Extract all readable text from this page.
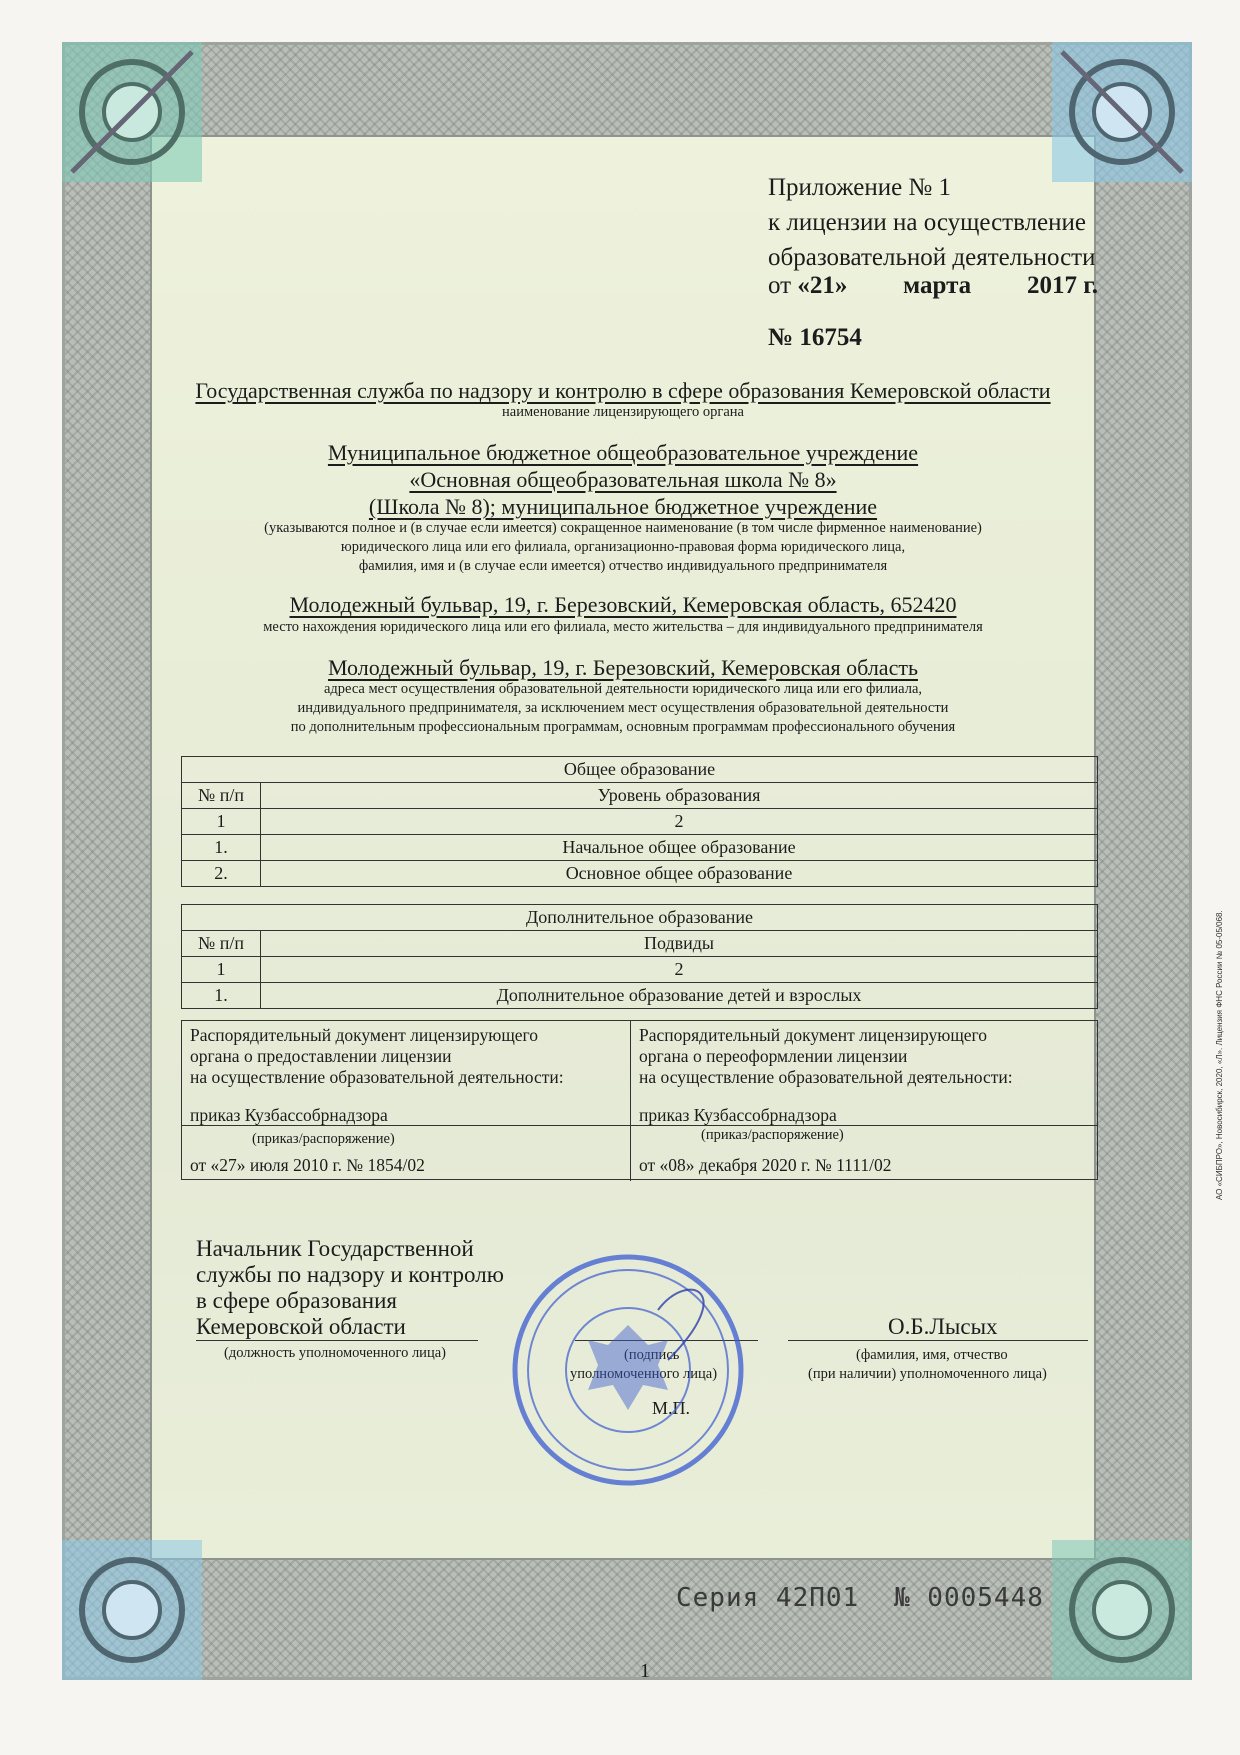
Приложение № 1
к лицензии на осуществление
образовательной деятельности
от «21» марта 2017 г.
№ 16754
Государственная служба по надзору и контролю в сфере образования Кемеровской области
наименование лицензирующего органа
Муниципальное бюджетное общеобразовательное учреждение
«Основная общеобразовательная школа № 8»
(Школа № 8); муниципальное бюджетное учреждение
(указываются полное и (в случае если имеется) сокращенное наименование (в том числе фирменное наименование)
юридического лица или его филиала, организационно-правовая форма юридического лица,
фамилия, имя и (в случае если имеется) отчество индивидуального предпринимателя
Молодежный бульвар, 19, г. Березовский, Кемеровская область, 652420
место нахождения юридического лица или его филиала, место жительства – для индивидуального предпринимателя
Молодежный бульвар, 19, г. Березовский, Кемеровская область
адреса мест осуществления образовательной деятельности юридического лица или его филиала,
индивидуального предпринимателя, за исключением мест осуществления образовательной деятельности
по дополнительным профессиональным программам, основным программам профессионального обучения
Общее образование	
№ п/п	Уровень образования
1	2
1.	Начальное общее образование
2.	Основное общее образование
Дополнительное образование	
№ п/п	Подвиды
1	2
1.	Дополнительное образование детей и взрослых
Распорядительный документ лицензирующего
органа о предоставлении лицензии
на осуществление образовательной деятельности:
приказ Кузбассобрнадзора
(приказ/распоряжение)
от «27» июля 2010 г. № 1854/02
Распорядительный документ лицензирующего
органа о переоформлении лицензии
на осуществление образовательной деятельности:
приказ Кузбассобрнадзора
(приказ/распоряжение)
от «08» декабря 2020 г. № 1111/02
Начальник Государственной
службы по надзору и контролю
в сфере образования
Кемеровской области
(должность уполномоченного лица)	(подпись
уполномоченного лица)
М.П.
О.Б.Лысых
(фамилия, имя, отчество
(при наличии) уполномоченного лица)
Серия 42П01 № 0005448
1
АО «СИБПРО», Новосибирск, 2020, «Л». Лицензия ФНС России № 05-05/068.
